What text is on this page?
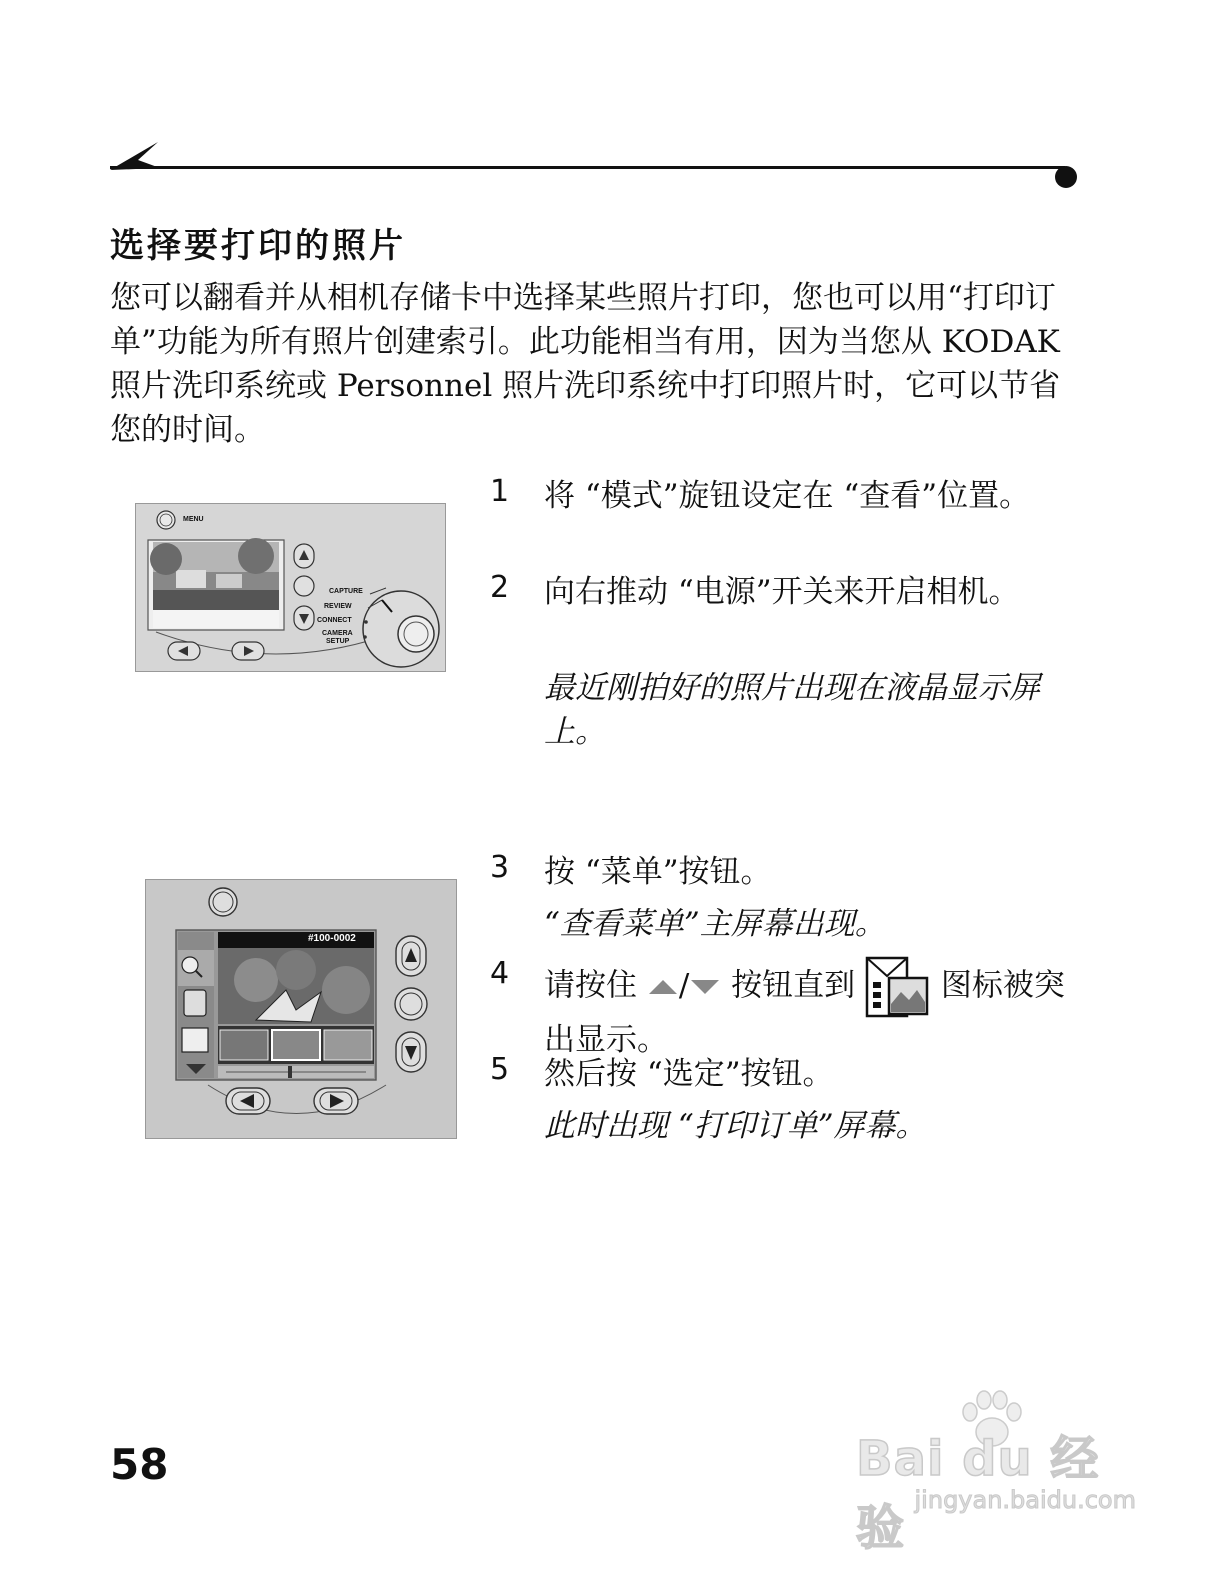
选择要打印的照片
您可以翻看并从相机存储卡中选择某些照片打印，您也可以用“打印订单”功能为所有照片创建索引。此功能相当有用，因为当您从 KODAK 照片洗印系统或 Personnel 照片洗印系统中打印照片时，它可以节省您的时间。
MENU
CAPTURE
REVIEW
CONNECT
CAMERA
SETUP
#100-0002
1 将 “模式”旋钮设定在 “查看”位置。
2 向右推动 “电源”开关来开启相机。
最近刚拍好的照片出现在液晶显示屏上。
3 按 “菜单”按钮。
“查看菜单”主屏幕出现。
4 请按住 / 按钮直到	图标被突出显示。
5 然后按 “选定”按钮。
此时出现 “打印订单”屏幕。
58	Bai du 经验 jingyan.baidu.com
